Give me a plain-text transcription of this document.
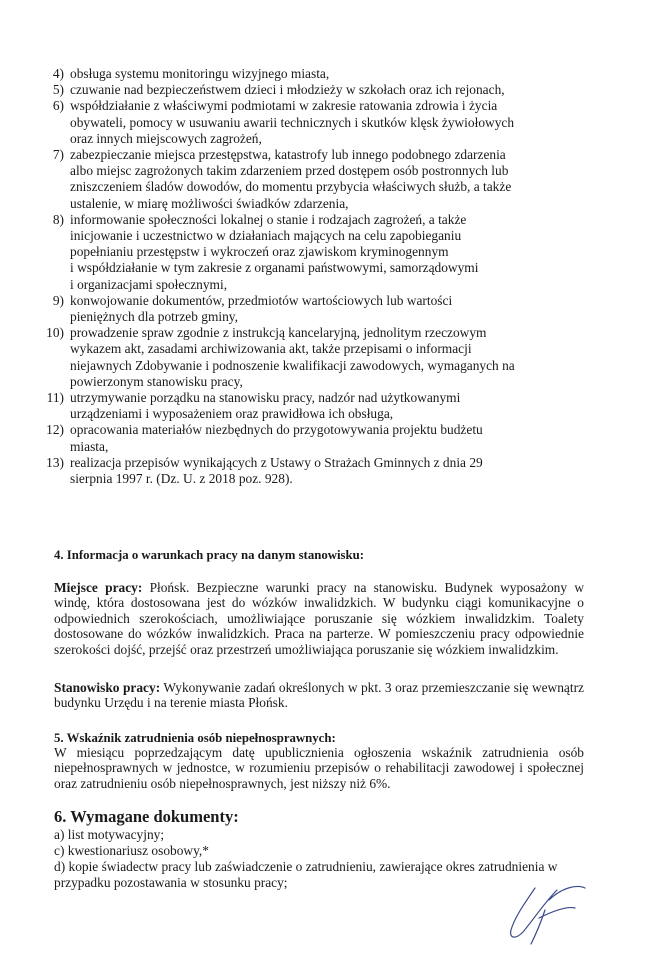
4) obsługa systemu monitoringu wizyjnego miasta,
5) czuwanie nad bezpieczeństwem dzieci i młodzieży w szkołach oraz ich rejonach,
6) współdziałanie z właściwymi podmiotami w zakresie ratowania zdrowia i życia
obywateli, pomocy w usuwaniu awarii technicznych i skutków klęsk żywiołowych
oraz innych miejscowych zagrożeń,
7) zabezpieczanie miejsca przestępstwa, katastrofy lub innego podobnego zdarzenia
albo miejsc zagrożonych takim zdarzeniem przed dostępem osób postronnych lub
zniszczeniem śladów dowodów, do momentu przybycia właściwych służb, a także
ustalenie, w miarę możliwości świadków zdarzenia,
8) informowanie społeczności lokalnej o stanie i rodzajach zagrożeń, a także
inicjowanie i uczestnictwo w działaniach mających na celu zapobieganiu
popełnianiu przestępstw i wykroczeń oraz zjawiskom kryminogennym
i współdziałanie w tym zakresie z organami państwowymi, samorządowymi
i organizacjami społecznymi,
9) konwojowanie dokumentów, przedmiotów wartościowych lub wartości
pieniężnych dla potrzeb gminy,
10) prowadzenie spraw zgodnie z instrukcją kancelaryjną, jednolitym rzeczowym
wykazem akt, zasadami archiwizowania akt, także przepisami o informacji
niejawnych Zdobywanie i podnoszenie kwalifikacji zawodowych, wymaganych na
powierzonym stanowisku pracy,
11) utrzymywanie porządku na stanowisku pracy, nadzór nad użytkowanymi
urządzeniami i wyposażeniem oraz prawidłowa ich obsługa,
12) opracowania materiałów niezbędnych do przygotowywania projektu budżetu
miasta,
13) realizacja przepisów wynikających z Ustawy o Strażach Gminnych z dnia 29
sierpnia 1997 r. (Dz. U. z 2018 poz. 928).
4. Informacja o warunkach pracy na danym stanowisku:
Miejsce pracy: Płońsk. Bezpieczne warunki pracy na stanowisku. Budynek wyposażony w windę, która dostosowana jest do wózków inwalidzkich. W budynku ciągi komunikacyjne o odpowiednich szerokościach, umożliwiające poruszanie się wózkiem inwalidzkim. Toalety dostosowane do wózków inwalidzkich. Praca na parterze. W pomieszczeniu pracy odpowiednie szerokości dojść, przejść oraz przestrzeń umożliwiająca poruszanie się wózkiem inwalidzkim.
Stanowisko pracy: Wykonywanie zadań określonych w pkt. 3 oraz przemieszczanie się wewnątrz budynku Urzędu i na terenie miasta Płońsk.
5. Wskaźnik zatrudnienia osób niepełnosprawnych:
W miesiącu poprzedzającym datę upublicznienia ogłoszenia wskaźnik zatrudnienia osób niepełnosprawnych w jednostce, w rozumieniu przepisów o rehabilitacji zawodowej i społecznej oraz zatrudnieniu osób niepełnosprawnych, jest niższy niż 6%.
6. Wymagane dokumenty:
a) list motywacyjny;
c) kwestionariusz osobowy,*
d) kopie świadectw pracy lub zaświadczenie o zatrudnieniu, zawierające okres zatrudnienia w
przypadku pozostawania w stosunku pracy;
